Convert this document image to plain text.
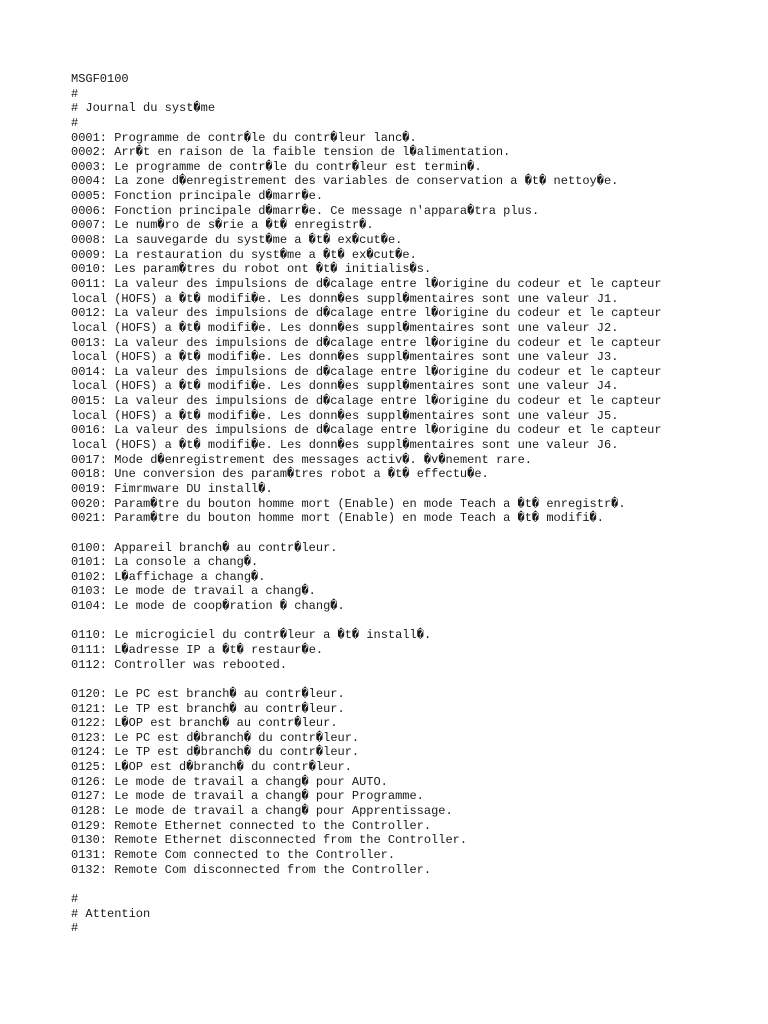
MSGF0100
#
# Journal du syst�me
#
0001: Programme de contr�le du contr�leur lanc�.
0002: Arr�t en raison de la faible tension de l�alimentation.
0003: Le programme de contr�le du contr�leur est termin�.
0004: La zone d�enregistrement des variables de conservation a �t� nettoy�e.
0005: Fonction principale d�marr�e.
0006: Fonction principale d�marr�e. Ce message n'appara�tra plus.
0007: Le num�ro de s�rie a �t� enregistr�.
0008: La sauvegarde du syst�me a �t� ex�cut�e.
0009: La restauration du syst�me a �t� ex�cut�e.
0010: Les param�tres du robot ont �t� initialis�s.
0011: La valeur des impulsions de d�calage entre l�origine du codeur et le capteur
local (HOFS) a �t� modifi�e. Les donn�es suppl�mentaires sont une valeur J1.
0012: La valeur des impulsions de d�calage entre l�origine du codeur et le capteur
local (HOFS) a �t� modifi�e. Les donn�es suppl�mentaires sont une valeur J2.
0013: La valeur des impulsions de d�calage entre l�origine du codeur et le capteur
local (HOFS) a �t� modifi�e. Les donn�es suppl�mentaires sont une valeur J3.
0014: La valeur des impulsions de d�calage entre l�origine du codeur et le capteur
local (HOFS) a �t� modifi�e. Les donn�es suppl�mentaires sont une valeur J4.
0015: La valeur des impulsions de d�calage entre l�origine du codeur et le capteur
local (HOFS) a �t� modifi�e. Les donn�es suppl�mentaires sont une valeur J5.
0016: La valeur des impulsions de d�calage entre l�origine du codeur et le capteur
local (HOFS) a �t� modifi�e. Les donn�es suppl�mentaires sont une valeur J6.
0017: Mode d�enregistrement des messages activ�. �v�nement rare.
0018: Une conversion des param�tres robot a �t� effectu�e.
0019: Fimrmware DU install�.
0020: Param�tre du bouton homme mort (Enable) en mode Teach a �t� enregistr�.
0021: Param�tre du bouton homme mort (Enable) en mode Teach a �t� modifi�.
0100: Appareil branch� au contr�leur.
0101: La console a chang�.
0102: L�affichage a chang�.
0103: Le mode de travail a chang�.
0104: Le mode de coop�ration � chang�.
0110: Le microgiciel du contr�leur a �t� install�.
0111: L�adresse IP a �t� restaur�e.
0112: Controller was rebooted.
0120: Le PC est branch� au contr�leur.
0121: Le TP est branch� au contr�leur.
0122: L�OP est branch� au contr�leur.
0123: Le PC est d�branch� du contr�leur.
0124: Le TP est d�branch� du contr�leur.
0125: L�OP est d�branch� du contr�leur.
0126: Le mode de travail a chang� pour AUTO.
0127: Le mode de travail a chang� pour Programme.
0128: Le mode de travail a chang� pour Apprentissage.
0129: Remote Ethernet connected to the Controller.
0130: Remote Ethernet disconnected from the Controller.
0131: Remote Com connected to the Controller.
0132: Remote Com disconnected from the Controller.
#
# Attention
#
